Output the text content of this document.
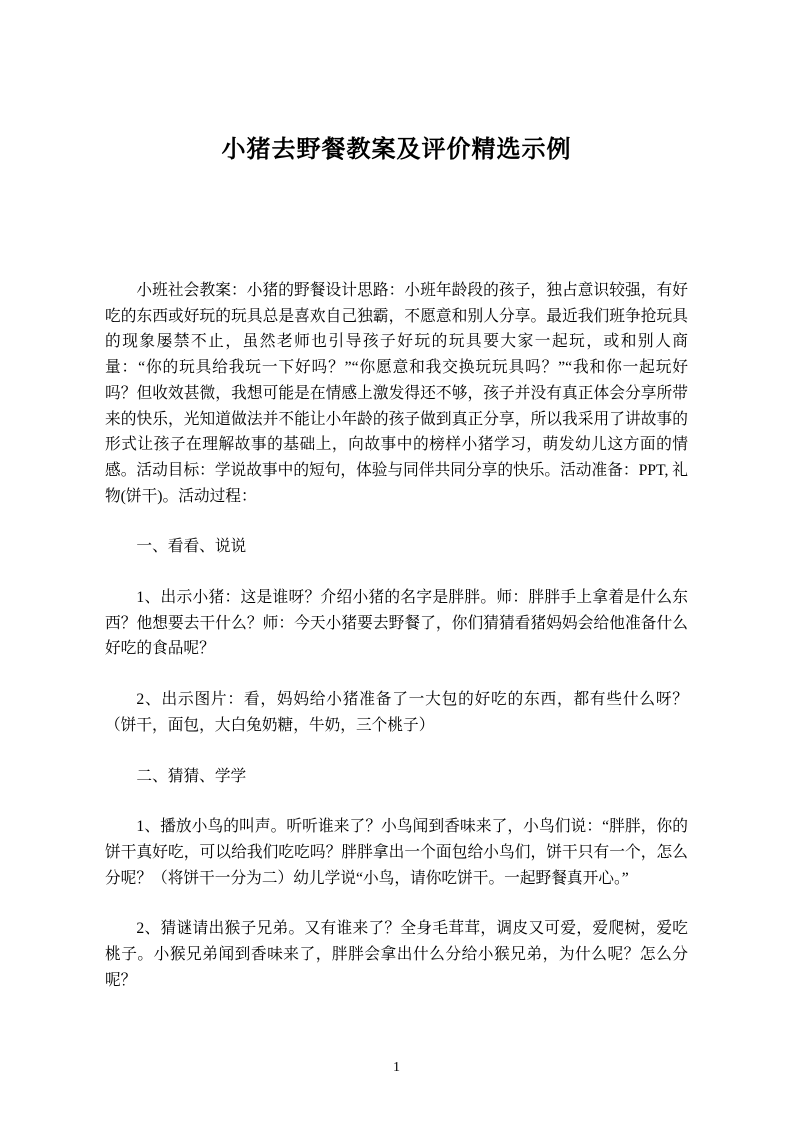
小猪去野餐教案及评价精选示例

小班社会教案：小猪的野餐设计思路：小班年龄段的孩子，独占意识较强，有好吃的东西或好玩的玩具总是喜欢自己独霸，不愿意和别人分享。最近我们班争抢玩具的现象屡禁不止，虽然老师也引导孩子好玩的玩具要大家一起玩，或和别人商量：“你的玩具给我玩一下好吗？”“你愿意和我交换玩玩具吗？”“我和你一起玩好吗？但收效甚微，我想可能是在情感上激发得还不够，孩子并没有真正体会分享所带来的快乐，光知道做法并不能让小年龄的孩子做到真正分享，所以我采用了讲故事的形式让孩子在理解故事的基础上，向故事中的榜样小猪学习，萌发幼儿这方面的情感。活动目标：学说故事中的短句，体验与同伴共同分享的快乐。活动准备：PPT, 礼物(饼干)。活动过程：

一、看看、说说

1、出示小猪：这是谁呀？介绍小猪的名字是胖胖。师：胖胖手上拿着是什么东西？他想要去干什么？师：今天小猪要去野餐了，你们猜猜看猪妈妈会给他准备什么好吃的食品呢？

2、出示图片：看，妈妈给小猪准备了一大包的好吃的东西，都有些什么呀？（饼干，面包，大白兔奶糖，牛奶，三个桃子）

二、猜猜、学学

1、播放小鸟的叫声。听听谁来了？小鸟闻到香味来了，小鸟们说：“胖胖，你的饼干真好吃，可以给我们吃吃吗？胖胖拿出一个面包给小鸟们，饼干只有一个，怎么分呢？（将饼干一分为二）幼儿学说“小鸟，请你吃饼干。一起野餐真开心。”

2、猜谜请出猴子兄弟。又有谁来了？全身毛茸茸，调皮又可爱，爱爬树，爱吃桃子。小猴兄弟闻到香味来了，胖胖会拿出什么分给小猴兄弟，为什么呢？怎么分呢？

1
